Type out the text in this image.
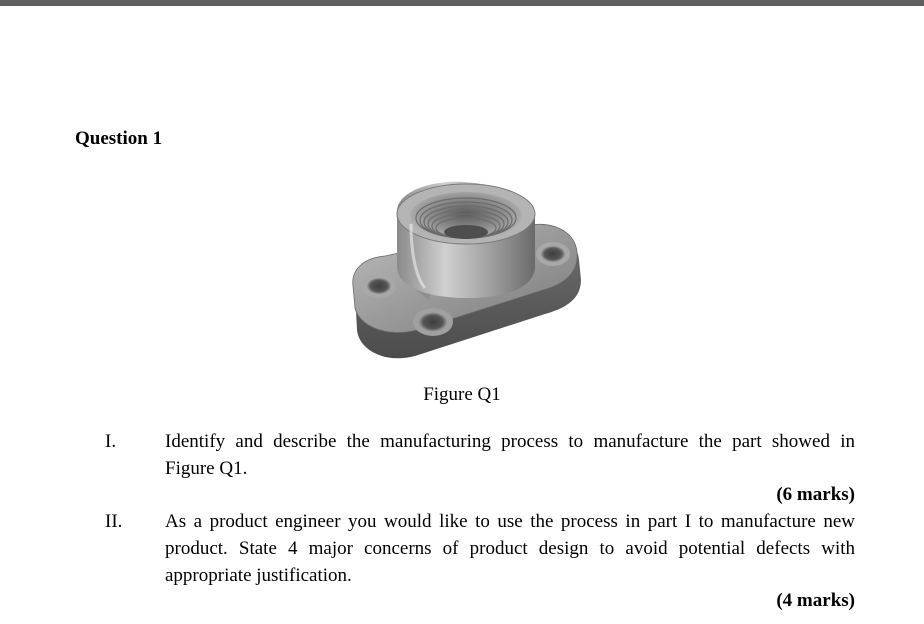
Question 1
Figure Q1
I.	Identify and describe the manufacturing process to manufacture the part showed in
Figure Q1.
(6 marks)
II. As a product engineer you would like to use the process in part I to manufacture new
product. State 4 major concerns of product design to avoid potential defects with
appropriate justification.
(4 marks)
